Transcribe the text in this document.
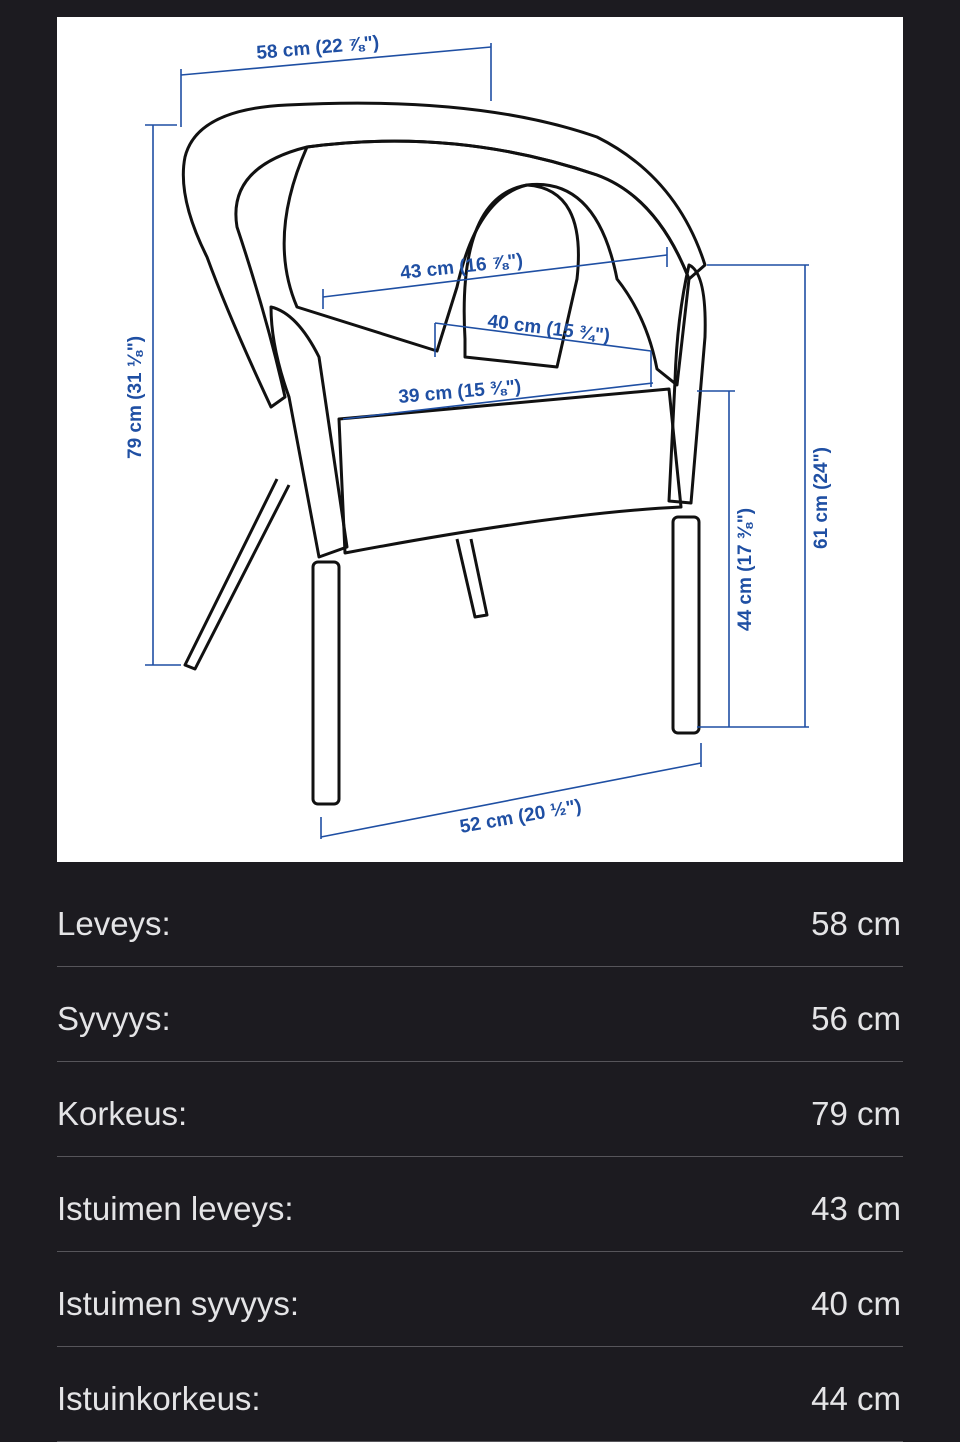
58 cm (22 ⅞")
79 cm (31 ⅛")
43 cm (16 ⅞")
40 cm (15 ¾")
39 cm (15 ⅜")
61 cm (24")
44 cm (17 ⅜")
52 cm (20 ½")
Leveys:	58 cm
Syvyys:	56 cm
Korkeus:	79 cm
Istuimen leveys:	43 cm
Istuimen syvyys:	40 cm
Istuinkorkeus:	44 cm
